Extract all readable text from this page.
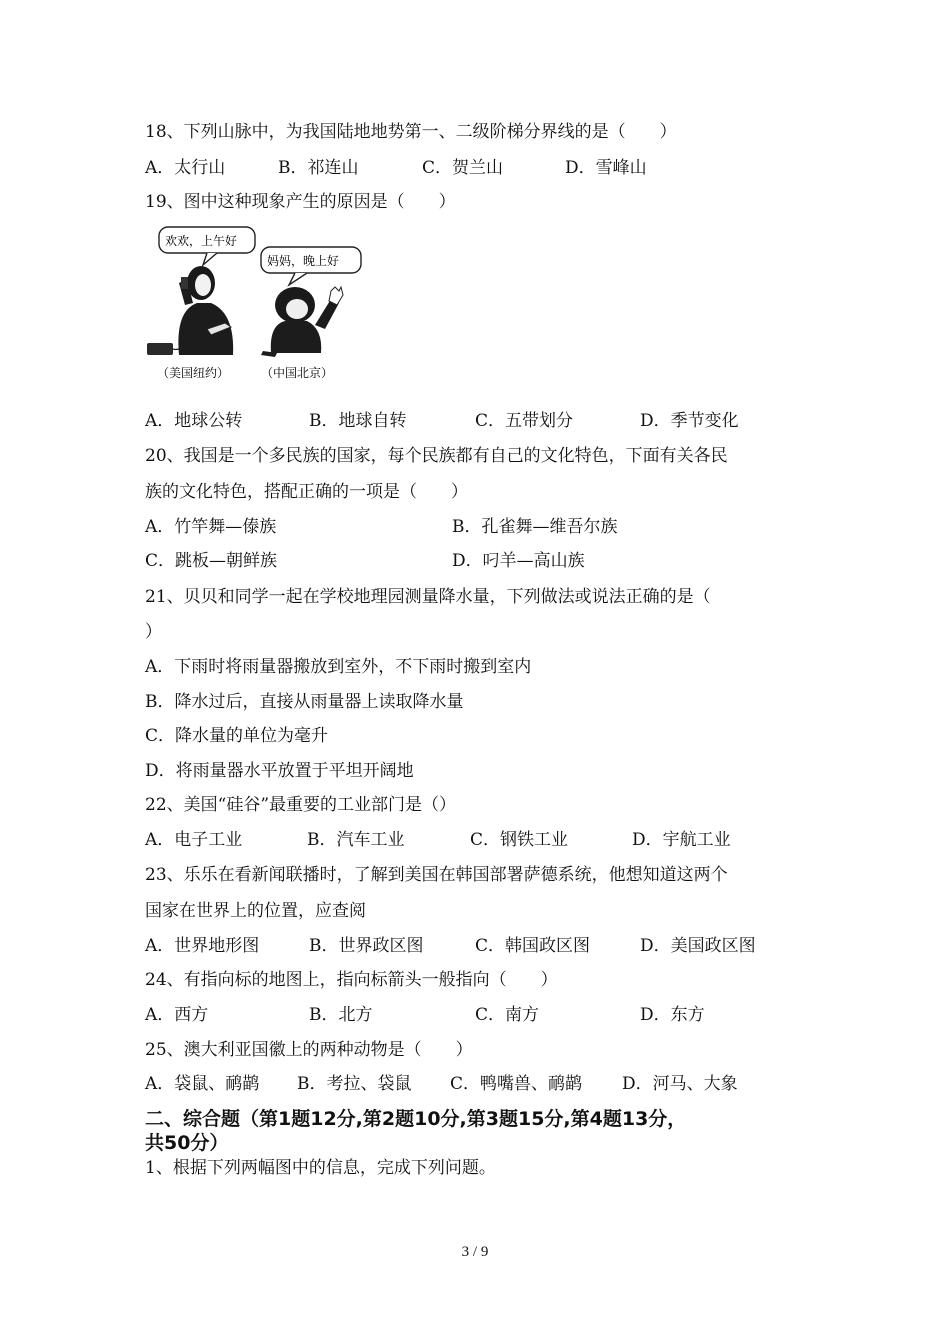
18、下列山脉中，为我国陆地地势第一、二级阶梯分界线的是（　　）
A．太行山	B．祁连山	C．贺兰山	D．雪峰山
19、图中这种现象产生的原因是（　　）
欢欢，上午好
妈妈，晚上好
（美国纽约）	（中国北京）
A．地球公转	B．地球自转	C．五带划分	D．季节变化
20、我国是一个多民族的国家，每个民族都有自己的文化特色，下面有关各民
族的文化特色，搭配正确的一项是（　　）
A．竹竿舞—傣族	B．孔雀舞—维吾尔族
C．跳板—朝鲜族	D．叼羊—高山族
21、贝贝和同学一起在学校地理园测量降水量，下列做法或说法正确的是（
）
A．下雨时将雨量器搬放到室外，不下雨时搬到室内
B．降水过后，直接从雨量器上读取降水量
C．降水量的单位为毫升
D．将雨量器水平放置于平坦开阔地
22、美国“硅谷”最重要的工业部门是（）
A．电子工业	B．汽车工业	C．钢铁工业	D．宇航工业
23、乐乐在看新闻联播时，了解到美国在韩国部署萨德系统，他想知道这两个
国家在世界上的位置，应查阅
A．世界地形图	B．世界政区图	C．韩国政区图	D．美国政区图
24、有指向标的地图上，指向标箭头一般指向（　　）
A．西方	B．北方	C．南方	D．东方
25、澳大利亚国徽上的两种动物是（　　）
A．袋鼠、鸸鹋 B．考拉、袋鼠 C．鸭嘴兽、鸸鹋 D．河马、大象
二、综合题（第1题12分,第2题10分,第3题15分,第4题13分，
共50分）
1、根据下列两幅图中的信息，完成下列问题。
3 / 9
